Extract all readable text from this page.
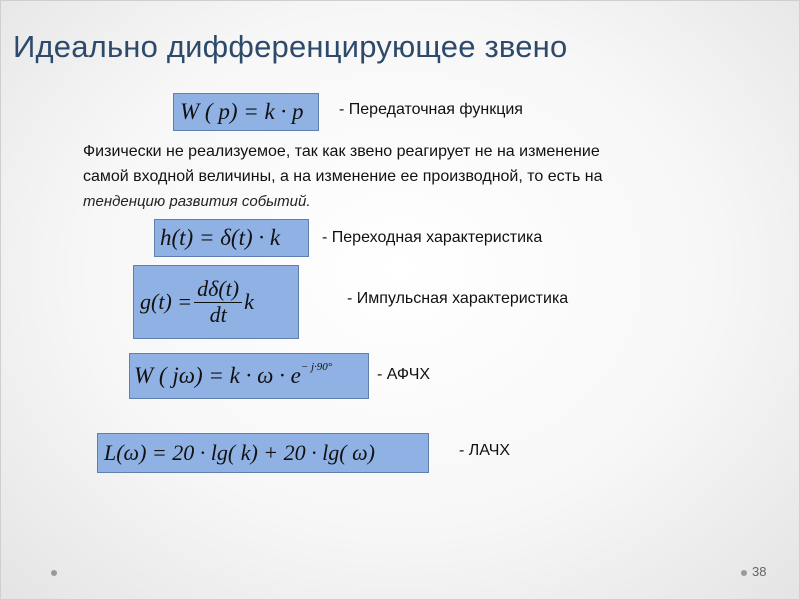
Идеально дифференцирующее звено
W ( p) = k · p - Передаточная функция
Физически не реализуемое, так как звено реагирует не на изменение
самой входной величины, а на изменение ее производной, то есть на
тенденцию развития событий.
h(t) = δ(t) · k	- Переходная характеристика
$g(t) = \frac{d\delta(t)}{dt}$ k	- Импульсная характеристика
W ( $j\omega) = k \cdot \omega \cdot e^{- j\cdot 90^\circ}$	- АФЧХ
L(ω) = 20 · lg( k) + 20 · lg( ω)	- ЛАЧХ
38
